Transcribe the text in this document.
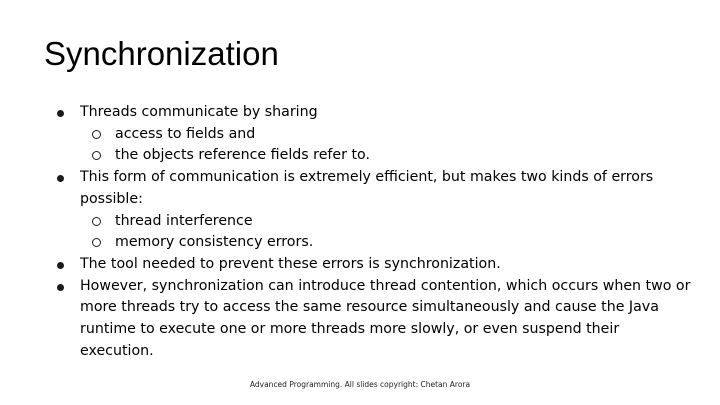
Synchronization
Threads communicate by sharing
access to fields and
the objects reference fields refer to.
This form of communication is extremely efficient, but makes two kinds of errors possible:
thread interference
memory consistency errors.
The tool needed to prevent these errors is synchronization.
However, synchronization can introduce thread contention, which occurs when two or more threads try to access the same resource simultaneously and cause the Java runtime to execute one or more threads more slowly, or even suspend their execution.
Advanced Programming. All slides copyright: Chetan Arora
